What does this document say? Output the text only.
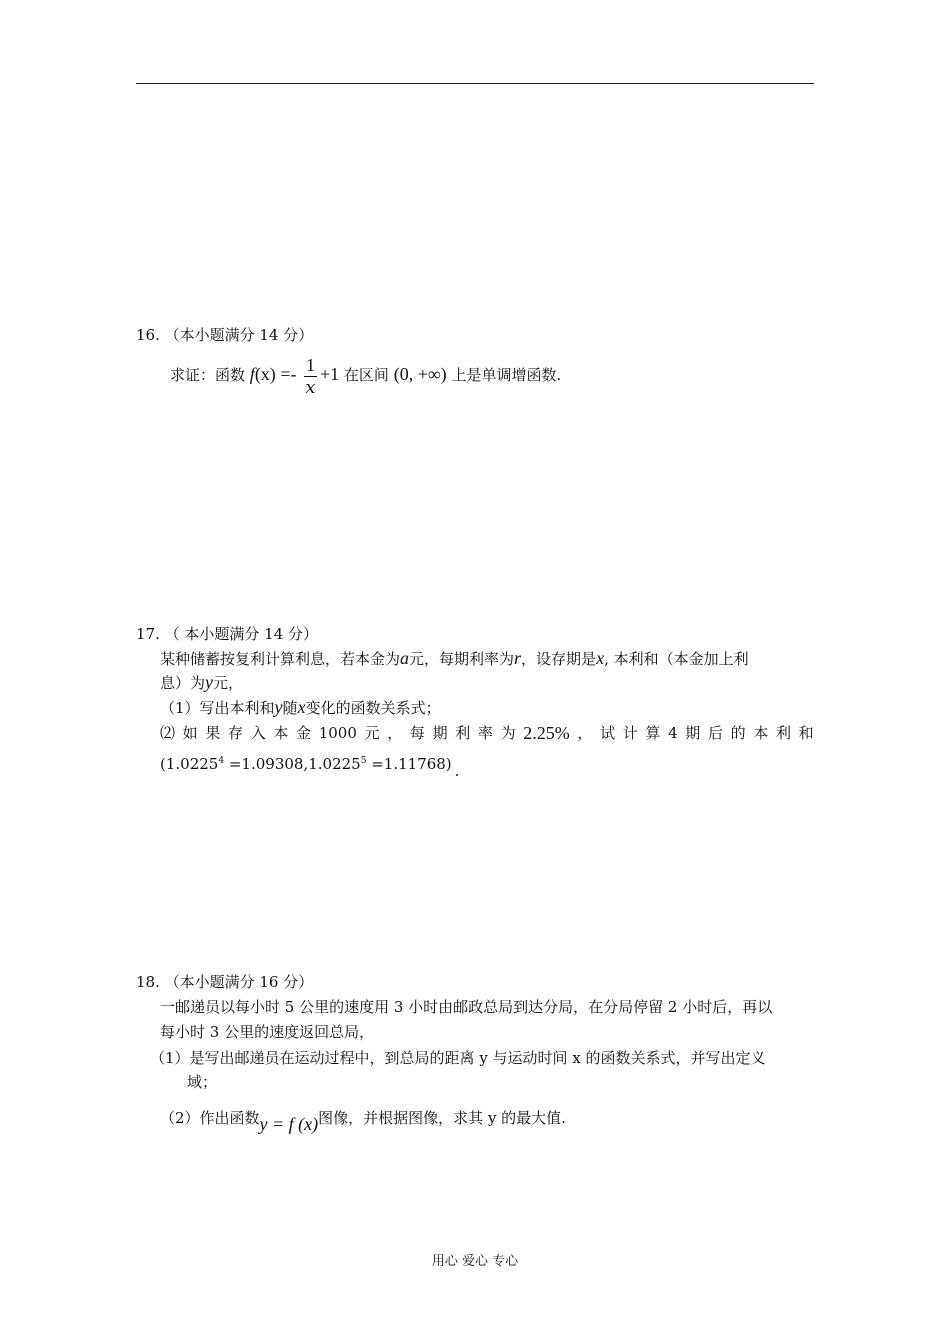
16. （本小题满分 14 分）
求证：函数 $f(x) =- \frac{1}{x} +1$ 在区间 (0, +∞) 上是单调增函数.
17. （ 本小题满分 14 分）
某种储蓄按复利计算利息，若本金为a元，每期利率为r，设存期是x, 本利和（本金加上利
息）为y元，
（1）写出本利和y随x变化的函数关系式；
⑵ 如 果 存 入 本 金 1000 元 ， 每 期 利 率 为 2.25% ， 试 计 算 4 期 后 的 本 利 和
$(1.0225^4 =1.09308,1.0225^5 =1.11768)$ .
18. （本小题满分 16 分）
一邮递员以每小时 5 公里的速度用 3 小时由邮政总局到达分局，在分局停留 2 小时后，再以
每小时 3 公里的速度返回总局，
（1）是写出邮递员在运动过程中，到总局的距离 y 与运动时间 x 的函数关系式，并写出定义
域；
（2）作出函数y = f (x)图像，并根据图像，求其 y 的最大值.
用心 爱心 专心
